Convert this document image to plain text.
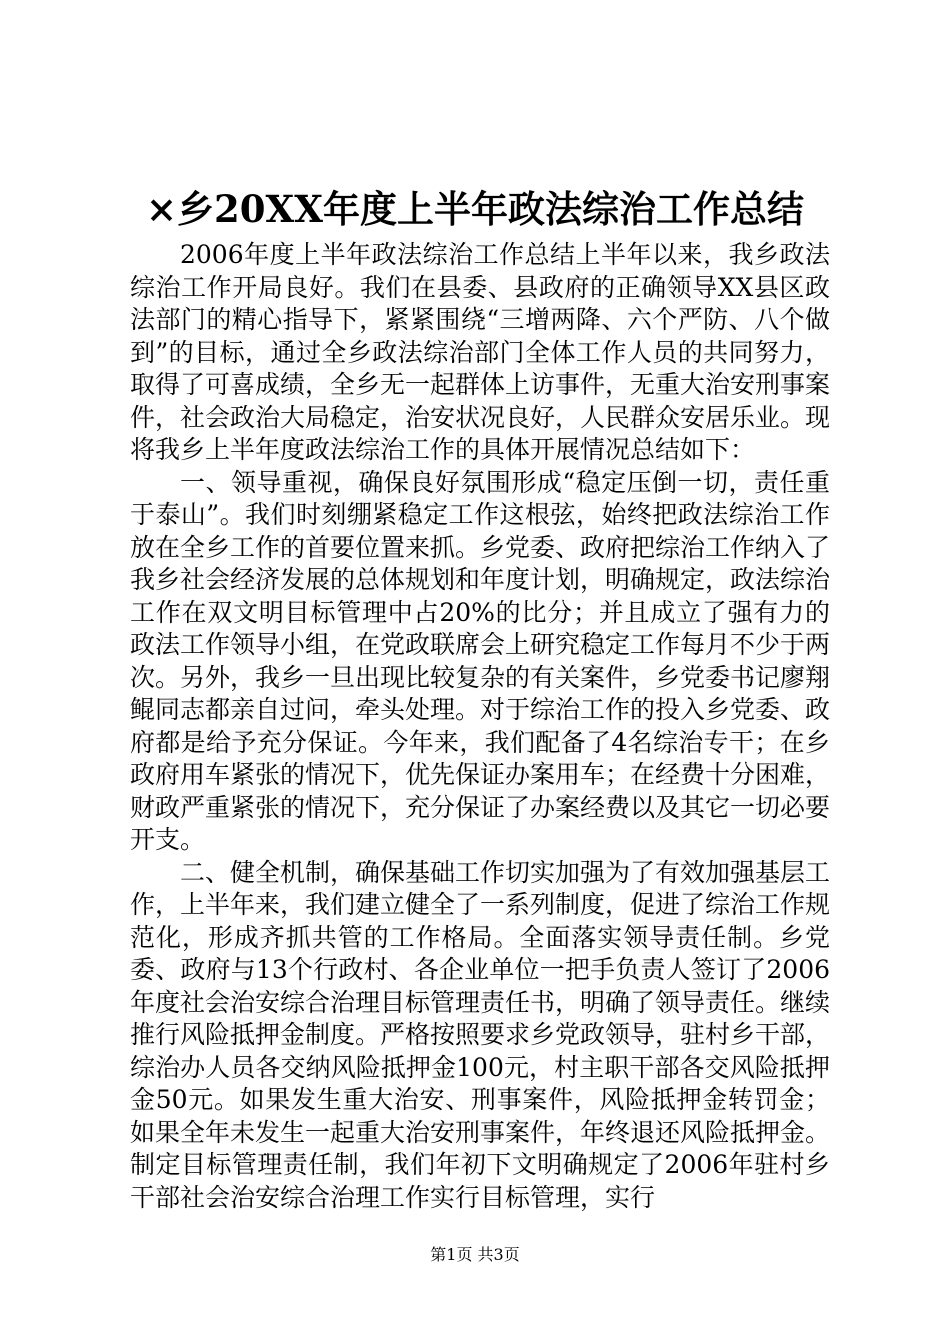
×乡20XX年度上半年政法综治工作总结

2006年度上半年政法综治工作总结上半年以来，我乡政法综治工作开局良好。我们在县委、县政府的正确领导XX县区政法部门的精心指导下，紧紧围绕“三增两降、六个严防、八个做到”的目标，通过全乡政法综治部门全体工作人员的共同努力，取得了可喜成绩，全乡无一起群体上访事件，无重大治安刑事案件，社会政治大局稳定，治安状况良好，人民群众安居乐业。现将我乡上半年度政法综治工作的具体开展情况总结如下：

一、领导重视，确保良好氛围形成“稳定压倒一切，责任重于泰山”。我们时刻绷紧稳定工作这根弦，始终把政法综治工作放在全乡工作的首要位置来抓。乡党委、政府把综治工作纳入了我乡社会经济发展的总体规划和年度计划，明确规定，政法综治工作在双文明目标管理中占20%的比分；并且成立了强有力的政法工作领导小组，在党政联席会上研究稳定工作每月不少于两次。另外，我乡一旦出现比较复杂的有关案件，乡党委书记廖翔鲲同志都亲自过问，牵头处理。对于综治工作的投入乡党委、政府都是给予充分保证。今年来，我们配备了4名综治专干；在乡政府用车紧张的情况下，优先保证办案用车；在经费十分困难，财政严重紧张的情况下，充分保证了办案经费以及其它一切必要开支。

二、健全机制，确保基础工作切实加强为了有效加强基层工作，上半年来，我们建立健全了一系列制度，促进了综治工作规范化，形成齐抓共管的工作格局。全面落实领导责任制。乡党委、政府与13个行政村、各企业单位一把手负责人签订了2006年度社会治安综合治理目标管理责任书，明确了领导责任。继续推行风险抵押金制度。严格按照要求乡党政领导，驻村乡干部，综治办人员各交纳风险抵押金100元，村主职干部各交风险抵押金50元。如果发生重大治安、刑事案件，风险抵押金转罚金；如果全年未发生一起重大治安刑事案件，年终退还风险抵押金。制定目标管理责任制，我们年初下文明确规定了2006年驻村乡干部社会治安综合治理工作实行目标管理，实行

第1页 共3页
